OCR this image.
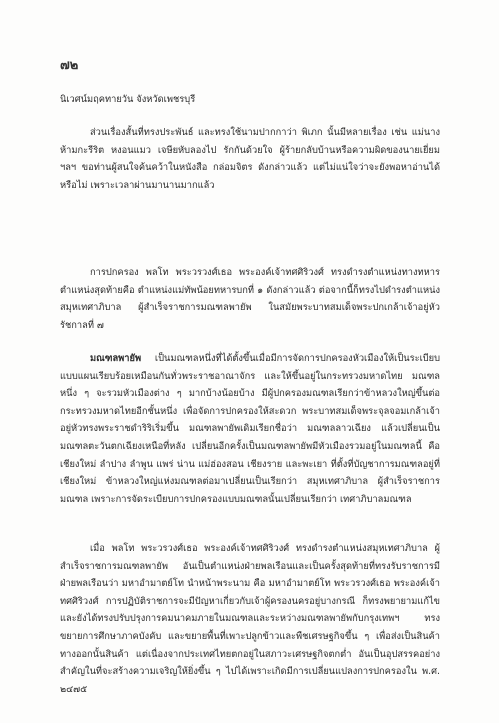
๗๒
นิเวศน์มฤคทายวัน จังหวัดเพชรบุรี

ส่วนเรื่องสั้นที่ทรงประพันธ์ และทรงใช้นามปากกาว่า พิเภก นั้นมีหลายเรื่อง เช่น แม่นางห้ามกะรีริต หงอนแมว เจษียหับลองไป รักกันด้วยใจ ผู้ร้ายกลับบ้านหรือความผิดของนายเยี่ยม ฯลฯ ขอท่านผู้สนใจค้นคว้าในหนังสือ กล่อมจิตร ดังกล่าวแล้ว แต่ไม่แน่ใจว่าจะยังพอหาอ่านได้หรือไม่ เพราะเวลาผ่านมานานมากแล้ว

การปกครอง พลโท พระวรวงศ์เธอ พระองค์เจ้าทศศิริวงศ์ ทรงดำรงตำแหน่งทางทหารตำแหน่งสุดท้ายคือ ตำแหน่งแม่ทัพน้อยทหารบกที่ ๑ ดังกล่าวแล้ว ต่อจากนี้ก็ทรงไปดำรงตำแหน่งสมุหเทศาภิบาล ผู้สำเร็จราชการมณฑลพายัพ ในสมัยพระบาทสมเด็จพระปกเกล้าเจ้าอยู่หัว รัชกาลที่ ๗

มณฑลพายัพ เป็นมณฑลหนึ่งที่ได้ตั้งขึ้นเมื่อมีการจัดการปกครองหัวเมืองให้เป็นระเบียบแบบแผนเรียบร้อยเหมือนกันทั่วพระราชอาณาจักร และให้ขึ้นอยู่ในกระทรวงมหาดไทย มณฑลหนึ่ง ๆ จะรวมหัวเมืองต่าง ๆ มากบ้างน้อยบ้าง มีผู้ปกครองมณฑลเรียกว่าข้าหลวงใหญ่ขึ้นต่อกระทรวงมหาดไทยอีกชั้นหนึ่ง เพื่อจัดการปกครองให้สะดวก พระบาทสมเด็จพระจุลจอมเกล้าเจ้าอยู่หัวทรงพระราชดำริริเริ่มขึ้น มณฑลพายัพเดิมเรียกชื่อว่า มณฑลลาวเฉียง แล้วเปลี่ยนเป็นมณฑลตะวันตกเฉียงเหนือที่หลัง เปลี่ยนอีกครั้งเป็นมณฑลพายัพมีหัวเมืองรวมอยู่ในมณฑลนี้ คือ เชียงใหม่ ลำปาง ลำพูน แพร่ น่าน แม่ฮ่องสอน เชียงราย และพะเยา ที่ตั้งที่บัญชาการมณฑลอยู่ที่เชียงใหม่ ข้าหลวงใหญ่แห่งมณฑลต่อมาเปลี่ยนเป็นเรียกว่า สมุหเทศาภิบาล ผู้สำเร็จราชการมณฑล เพราะการจัดระเบียบการปกครองแบบมณฑลนั้นเปลี่ยนเรียกว่า เทศาภิบาลมณฑล

เมื่อ พลโท พระวรวงศ์เธอ พระองค์เจ้าทศศิริวงศ์ ทรงดำรงตำแหน่งสมุหเทศาภิบาล ผู้สำเร็จราชการมณฑลพายัพ อันเป็นตำแหน่งฝ่ายพลเรือนและเป็นครั้งสุดท้ายที่ทรงรับราชการมีฝ่ายพลเรือนว่า มหาอำมาตย์โท นำหน้าพระนาม คือ มหาอำมาตย์โท พระวรวงศ์เธอ พระองค์เจ้าทศศิริวงศ์ การปฏิบัติราชการจะมีปัญหาเกี่ยวกับเจ้าผู้ครองนครอยู่บางกรณี ก็ทรงพยายามแก้ไขและยังได้ทรงปรับปรุงการคมนาคมภายในมณฑลและระหว่างมณฑลพายัพกับกรุงเทพฯ ทรงขยายการศึกษาภาคบังคับ และขยายพื้นที่เพาะปลูกข้าวและพืชเศรษฐกิจขึ้น ๆ เพื่อส่งเป็นสินค้าทางออกนั้นสินค้า แต่เนื่องจากประเทศไทยตกอยู่ในสภาวะเศรษฐกิจตกต่ำ อันเป็นอุปสรรคอย่างสำคัญในที่จะสร้างความเจริญให้ยิ่งขึ้น ๆ ไปได้เพราะเกิดมีการเปลี่ยนแปลงการปกครองใน พ.ศ. ๒๔๗๕
